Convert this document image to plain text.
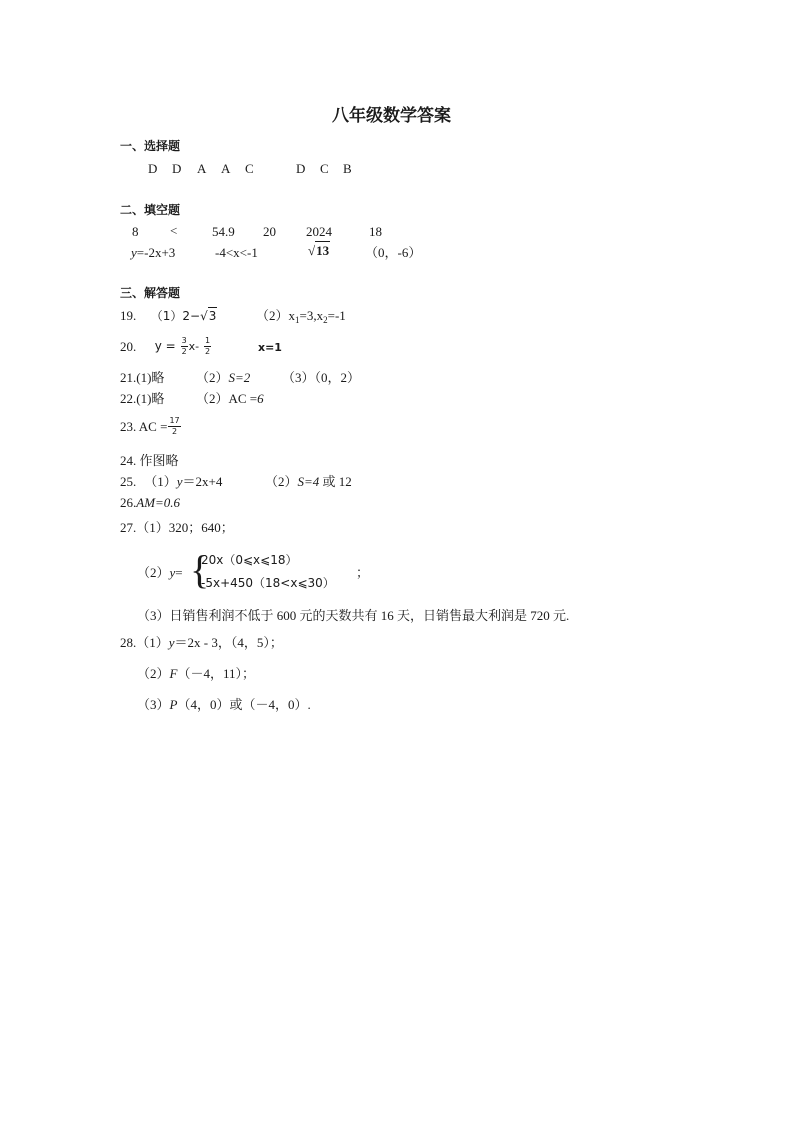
八年级数学答案
一、选择题
D D A A C	D C B
二、填空题
8 <	54.9 20 2024	18
y=-2x+3	-4<x<-1	√13	（0，-6）
三、解答题
19. （1）2−√3	$(2)x_1=3,x_2=-1$
20. $y = \frac{3}{2} x- \frac{1}{2}$	x=1
21.(1)略 （2）S=2 （3）（0，2）
22.(1)略 （2）AC =6
23. AC = $\frac{17}{2}$
24. 作图略
25. （1）y＝2x+4	（2）S=4 或 12
26.AM=0.6
27.（1）320；640；
（2）y= {
20x（0⩽x⩽18）
-5x+450（18<x⩽30）
；
（3）日销售利润不低于 600 元的天数共有 16 天，日销售最大利润是 720 元.
28.（1）y＝2x - 3，（4，5）；
（2）F（－4，11）；
（3）P（4，0）或（－4，0）.
